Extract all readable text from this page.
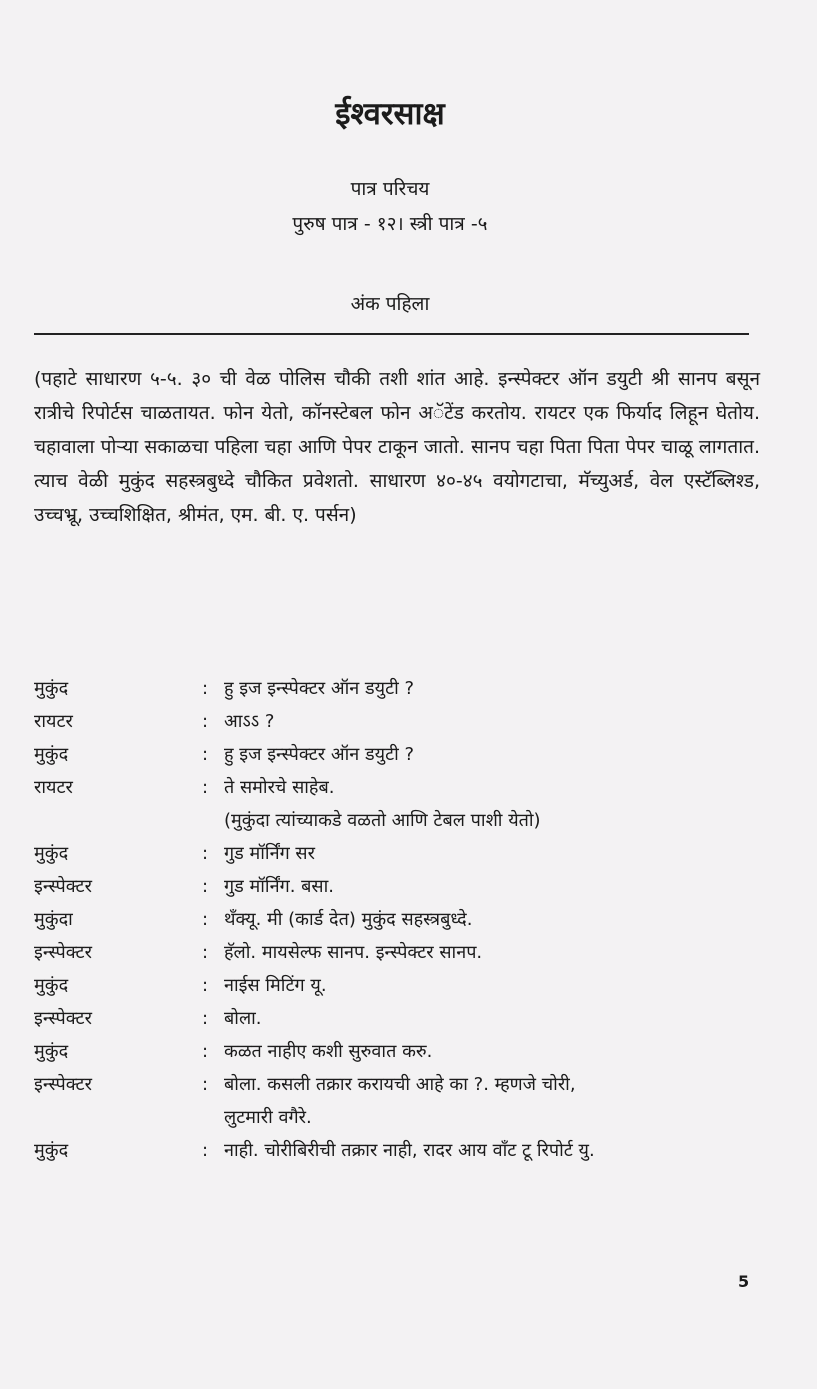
ईश्वरसाक्ष
पात्र परिचय
पुरुष पात्र - १२। स्त्री पात्र -५
अंक पहिला
(पहाटे साधारण ५-५. ३० ची वेळ पोलिस चौकी तशी शांत आहे. इन्स्पेक्टर ऑन डयुटी श्री सानप बसून रात्रीचे रिपोर्टस चाळतायत. फोन येतो, कॉनस्टेबल फोन अॅटेंड करतोय. रायटर एक फिर्याद लिहून घेतोय. चहावाला पोऱ्या सकाळचा पहिला चहा आणि पेपर टाकून जातो. सानप चहा पिता पिता पेपर चाळू लागतात. त्याच वेळी मुकुंद सहस्त्रबुध्दे चौकित प्रवेशतो. साधारण ४०-४५ वयोगटाचा, मॅच्युअर्ड, वेल एस्टॅब्लिश्ड, उच्चभ्रू, उच्चशिक्षित, श्रीमंत, एम. बी. ए. पर्सन)
मुकुंद	: हु इज इन्स्पेक्टर ऑन डयुटी ?
रायटर	: आऽऽ ?
मुकुंद	: हु इज इन्स्पेक्टर ऑन डयुटी ?
रायटर	: ते समोरचे साहेब.
(मुकुंदा त्यांच्याकडे वळतो आणि टेबल पाशी येतो)
मुकुंद	: गुड मॉर्निंग सर
इन्स्पेक्टर	: गुड मॉर्निंग. बसा.
मुकुंदा	: थँक्यू. मी (कार्ड देत) मुकुंद सहस्त्रबुध्दे.
इन्स्पेक्टर	: हॅलो. मायसेल्फ सानप. इन्स्पेक्टर सानप.
मुकुंद	: नाईस मिटिंग यू.
इन्स्पेक्टर	: बोला.
मुकुंद	: कळत नाहीए कशी सुरुवात करु.
इन्स्पेक्टर	: बोला. कसली तक्रार करायची आहे का ?. म्हणजे चोरी,
लुटमारी वगैरे.
मुकुंद	: नाही. चोरीबिरीची तक्रार नाही, रादर आय वाँट टू रिपोर्ट यु.
5
